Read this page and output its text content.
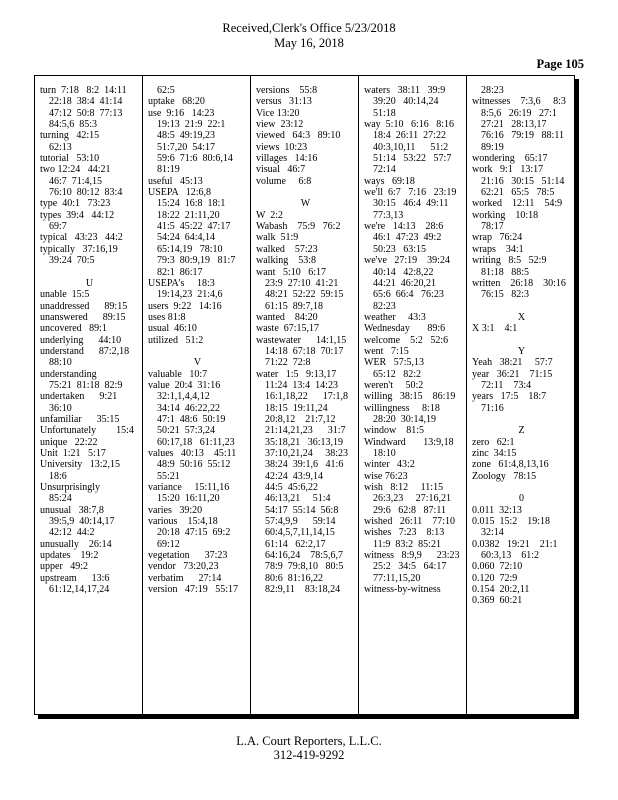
Received,Clerk's Office 5/23/2018
May 16, 2018
Page 105
turn  7:18   8:2  14:11
22:18  38:4  41:14
47:12  50:8  77:13
84:5,6  85:3
turning   42:15
62:13
tutorial   53:10
two 12:24   44:21
46:7  71:4,15
76:10  80:12  83:4
type  40:1   73:23
types  39:4   44:12
69:7
typical   43:23   44:2
typically   37:16,19
39:24  70:5
U
unable  15:5
unaddressed      89:15
unanswered      89:15
uncovered   89:1
underlying      44:10
understand      87:2,18
88:10
understanding
75:21  81:18  82:9
undertaken      9:21
36:10
unfamiliar      35:15
Unfortunately        15:4
unique   22:22
Unit  1:21   5:17
University   13:2,15
18:6
Unsurprisingly
85:24
unusual   38:7,8
39:5,9  40:14,17
42:12  44:2
unusually    26:14
updates    19:2
upper   49:2
upstream      13:6
61:12,14,17,24
62:5
uptake   68:20
use  9:16   14:23
19:13  21:9  22:1
48:5  49:19,23
51:7,20  54:17
59:6  71:6  80:6,14
81:19
useful   45:13
USEPA   12:6,8
15:24  16:8  18:1
18:22  21:11,20
41:5  45:22  47:17
54:24  64:4,14
65:14,19   78:10
79:3  80:9,19   81:7
82:1  86:17
USEPA's     18:3
19:14,23  21:4,6
users  9:22   14:16
uses 81:8
usual  46:10
utilized   51:2
V
valuable   10:7
value  20:4  31:16
32:1,1,4,4,12
34:14  46:22,22
47:1  48:6  50:19
50:21  57:3,24
60:17,18   61:11,23
values   40:13    45:11
48:9  50:16  55:12
55:21
variance     15:11,16
15:20  16:11,20
varies   39:20
various    15:4,18
20:18  47:15  69:2
69:12
vegetation      37:23
vendor   73:20,23
verbatim      27:14
version   47:19   55:17
versions    55:8
versus   31:13
Vice 13:20
view  23:12
viewed   64:3   89:10
views  10:23
villages   14:16
visual   46:7
volume     6:8
W
W  2:2
Wabash    75:9   76:2
walk  51:9
walked    57:23
walking    53:8
want   5:10   6:17
23:9  27:10  41:21
48:21  52:22  59:15
61:15  89:7,18
wanted    84:20
waste  67:15,17
wastewater      14:1,15
14:18  67:18  70:17
71:22  72:8
water   1:5   9:13,17
11:24  13:4  14:23
16:1,18,22      17:1,8
18:15  19:11,24
20:8,12    21:7,12
21:14,21,23      31:7
35:18,21   36:13,19
37:10,21,24     38:23
38:24  39:1,6   41:6
42:24  43:9,14
44:5  45:6,22
46:13,21     51:4
54:17  55:14  56:8
57:4,9,9      59:14
60:4,5,7,11,14,15
61:14   62:2,17
64:16,24    78:5,6,7
78:9  79:8,10   80:5
80:6  81:16,22
82:9,11    83:18,24
waters   38:11   39:9
39:20   40:14,24
51:18
way  5:10   6:16   8:16
18:4  26:11  27:22
40:3,10,11      51:2
51:14   53:22   57:7
72:14
ways   69:18
we'll  6:7   7:16   23:19
30:15   46:4  49:11
77:3,13
we're   14:13    28:6
46:1  47:23  49:2
50:23   63:15
we've   27:19    39:24
40:14   42:8,22
44:21  46:20,21
65:6  66:4   76:23
82:23
weather     43:3
Wednesday       89:6
welcome    5:2   52:6
went   7:15
WER   57:5,13
65:12   82:2
weren't     50:2
willing   38:15    86:19
willingness     8:18
28:20  30:14,19
window    81:5
Windward       13:9,18
18:10
winter   43:2
wise 76:23
wish   8:12     11:15
26:3,23     27:16,21
29:6   62:8   87:11
wished   26:11    77:10
wishes   7:23    8:13
11:9  83:2  85:21
witness   8:9,9      23:23
25:2   34:5   64:17
77:11,15,20
witness-by-witness
28:23
witnesses    7:3,6     8:3
8:5,6   26:19   27:1
27:21   28:13,17
76:16   79:19   88:11
89:19
wondering    65:17
work   9:1   13:17
21:16   30:15   51:14
62:21   65:5   78:5
worked    12:11    54:9
working    10:18
78:17
wrap   76:24
wraps    34:1
writing   8:5   52:9
81:18   88:5
written    26:18    30:16
76:15   82:3
X
X 3:1    4:1
Y
Yeah   38:21     57:7
year   36:21    71:15
72:11    73:4
years   17:5    18:7
71:16
Z
zero   62:1
zinc  34:15
zone   61:4,8,13,16
Zoology   78:15
0
0.011  32:13
0.015  15:2    19:18
32:14
0.0382   19:21    21:1
60:3,13    61:2
0.060  72:10
0.120  72:9
0.154  20:2,11
0.369  60:21
L.A. Court Reporters, L.L.C.
312-419-9292
